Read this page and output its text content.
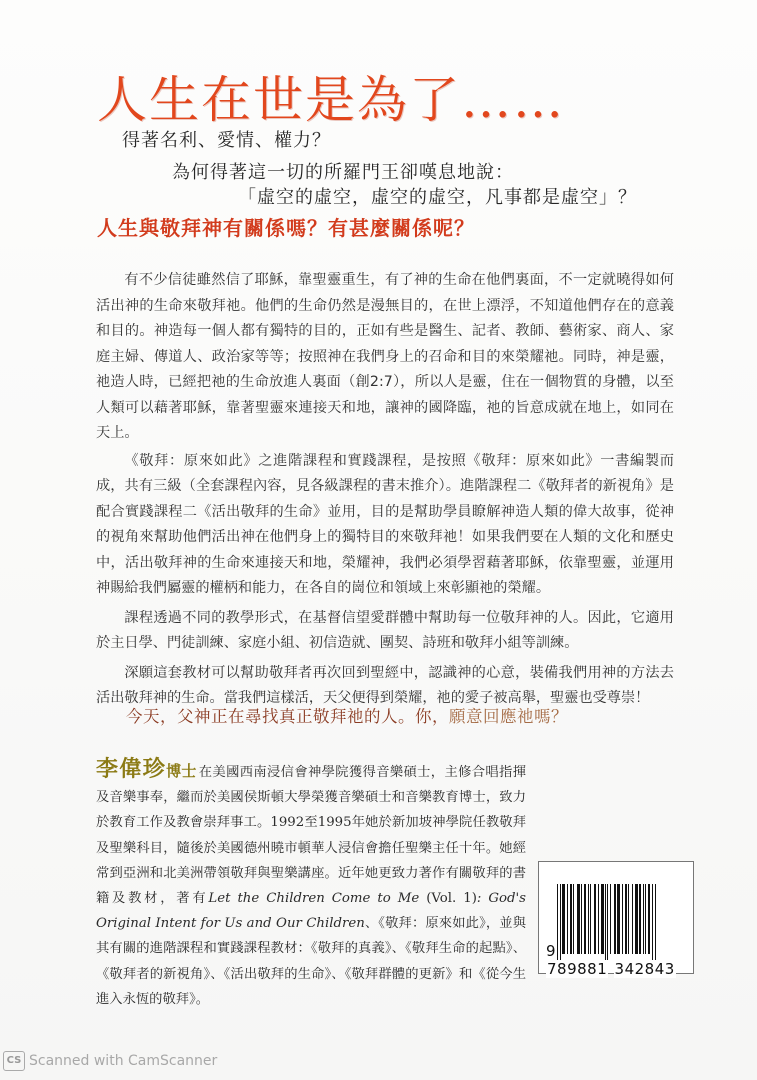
人生在世是為了……
得著名利、愛情、權力？
為何得著這一切的所羅門王卻嘆息地說：
「虛空的虛空，虛空的虛空，凡事都是虛空」？
人生與敬拜神有關係嗎？有甚麼關係呢？

有不少信徒雖然信了耶穌，靠聖靈重生，有了神的生命在他們裏面，不一定就曉得如何活出神的生命來敬拜祂。他們的生命仍然是漫無目的，在世上漂浮，不知道他們存在的意義和目的。神造每一個人都有獨特的目的，正如有些是醫生、記者、教師、藝術家、商人、家庭主婦、傳道人、政治家等等；按照神在我們身上的召命和目的來榮耀祂。同時，神是靈，祂造人時，已經把祂的生命放進人裏面（創2:7），所以人是靈，住在一個物質的身體，以至人類可以藉著耶穌，靠著聖靈來連接天和地，讓神的國降臨，祂的旨意成就在地上，如同在天上。

《敬拜：原來如此》之進階課程和實踐課程，是按照《敬拜：原來如此》一書編製而成，共有三級（全套課程內容，見各級課程的書末推介）。進階課程二《敬拜者的新視角》是配合實踐課程二《活出敬拜的生命》並用，目的是幫助學員瞭解神造人類的偉大故事，從神的視角來幫助他們活出神在他們身上的獨特目的來敬拜祂！如果我們要在人類的文化和歷史中，活出敬拜神的生命來連接天和地，榮耀神，我們必須學習藉著耶穌，依靠聖靈，並運用神賜給我們屬靈的權柄和能力，在各自的崗位和領域上來彰顯祂的榮耀。

課程透過不同的教學形式，在基督信望愛群體中幫助每一位敬拜神的人。因此，它適用於主日學、門徒訓練、家庭小組、初信造就、團契、詩班和敬拜小組等訓練。

深願這套教材可以幫助敬拜者再次回到聖經中，認識神的心意，裝備我們用神的方法去活出敬拜神的生命。當我們這樣活，天父便得到榮耀，祂的愛子被高舉，聖靈也受尊崇！

今天，父神正在尋找真正敬拜祂的人。你，願意回應祂嗎？
李偉珍博士 在美國西南浸信會神學院獲得音樂碩士，主修合唱指揮及音樂事奉，繼而於美國侯斯頓大學榮獲音樂碩士和音樂教育博士，致力於教育工作及教會崇拜事工。1992至1995年她於新加坡神學院任教敬拜及聖樂科目，隨後於美國德州曉市頓華人浸信會擔任聖樂主任十年。她經常到亞洲和北美洲帶領敬拜與聖樂講座。近年她更致力著作有關敬拜的書籍及教材，著有Let the Children Come to Me (Vol. 1): God's Original Intent for Us and Our Children、《敬拜：原來如此》，並與其有關的進階課程和實踐課程教材：《敬拜的真義》、《敬拜生命的起點》、《敬拜者的新視角》、《活出敬拜的生命》、《敬拜群體的更新》和《從今生進入永恆的敬拜》。
9789881 342843
CS Scanned with CamScanner
